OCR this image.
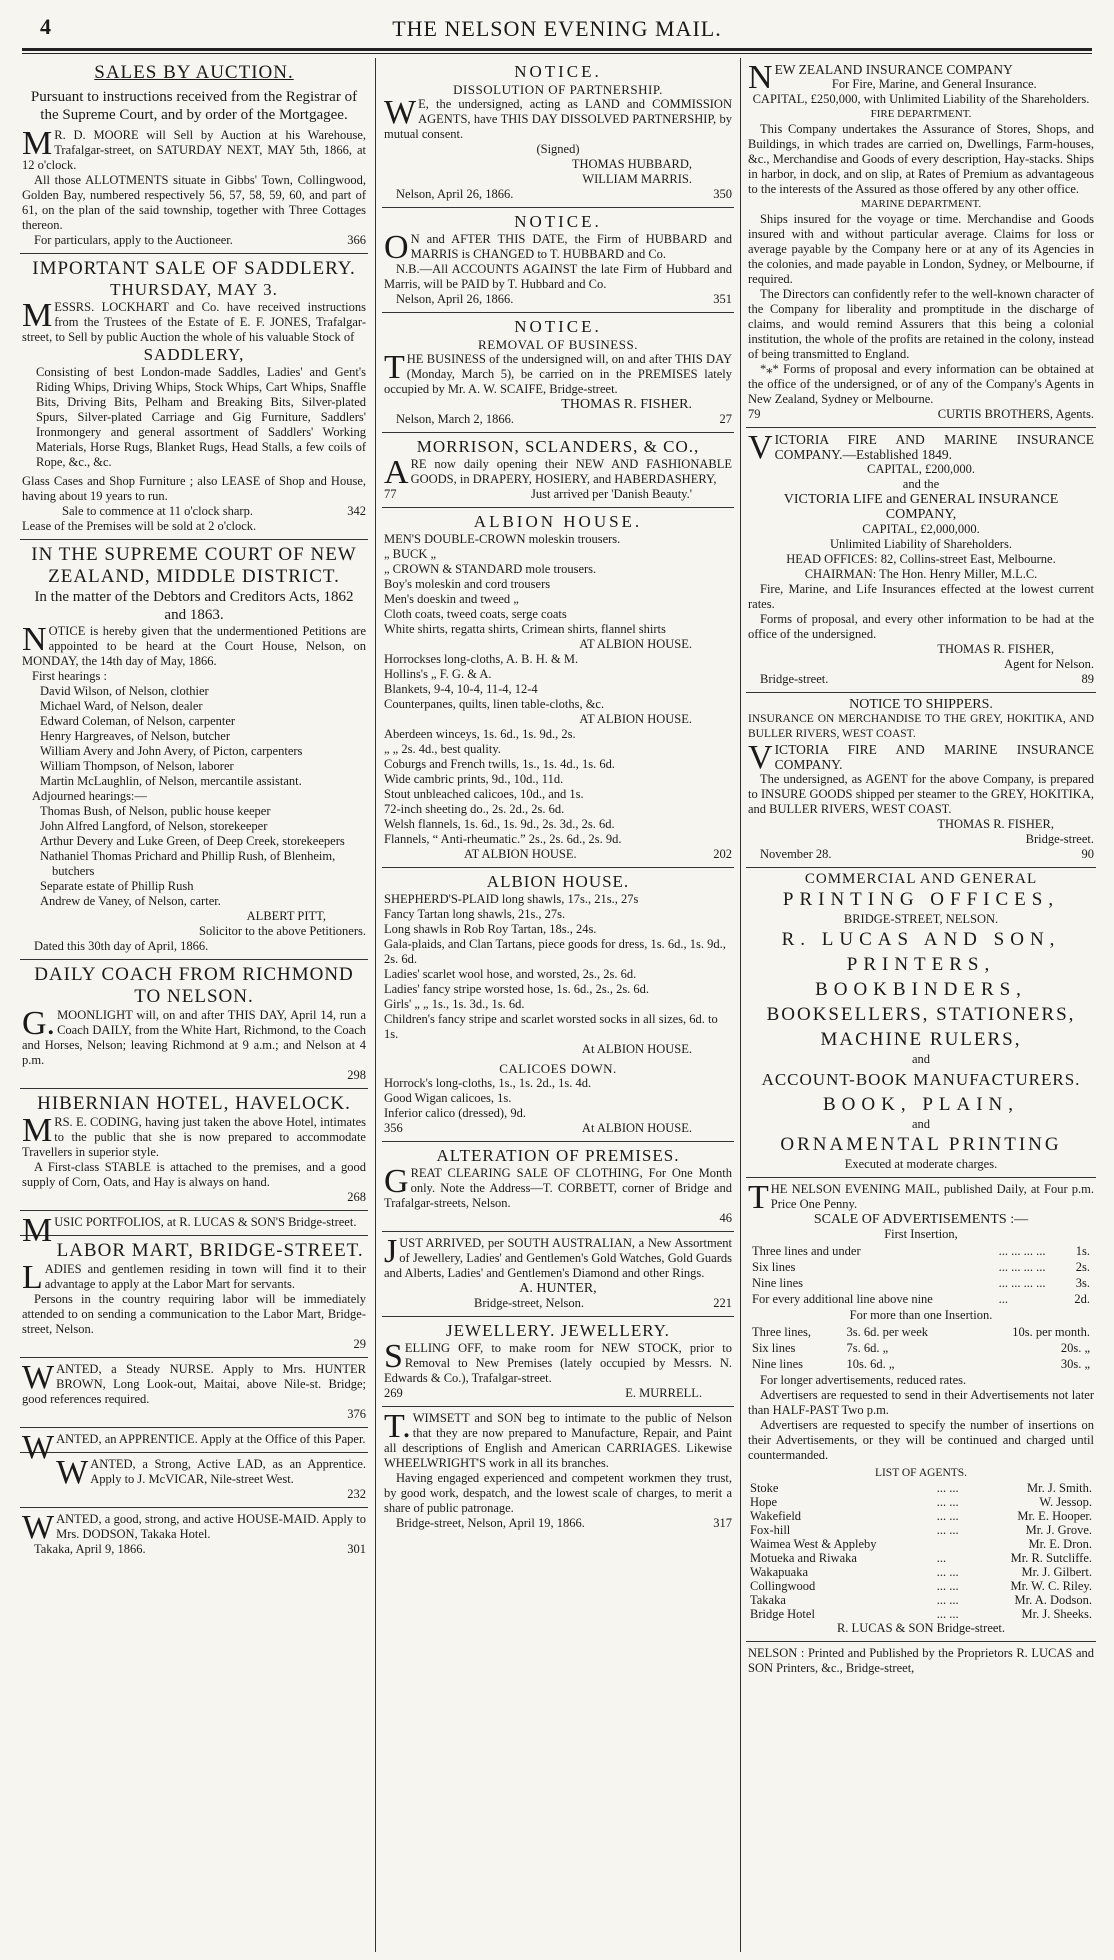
4	THE NELSON EVENING MAIL.
SALES BY AUCTION.
Pursuant to instructions received from the Registrar of the Supreme Court, and by order of the Mortgagee.
MR. D. MOORE will Sell by Auction at his Warehouse, Trafalgar-street, on SATURDAY NEXT, MAY 5th, 1866, at 12 o'clock.
All those ALLOTMENTS situate in Gibbs' Town, Collingwood, Golden Bay, numbered respectively 56, 57, 58, 59, 60, and part of 61, on the plan of the said township, together with Three Cottages thereon.
For particulars, apply to the Auctioneer.	366
IMPORTANT SALE OF SADDLERY.
THURSDAY, MAY 3.
MESSRS. LOCKHART and Co. have received instructions from the Trustees of the Estate of E. F. JONES, Trafalgar-street, to Sell by public Auction the whole of his valuable Stock of
SADDLERY,
Consisting of best London-made Saddles, Ladies' and Gent's Riding Whips, Driving Whips, Stock Whips, Cart Whips, Snaffle Bits, Driving Bits, Pelham and Breaking Bits, Silver-plated Spurs, Silver-plated Carriage and Gig Furniture, Saddlers' Ironmongery and general assortment of Saddlers' Working Materials, Horse Rugs, Blanket Rugs, Head Stalls, a few coils of Rope, &c., &c.
Glass Cases and Shop Furniture ; also LEASE of Shop and House, having about 19 years to run.
Sale to commence at 11 o'clock sharp.	342
Lease of the Premises will be sold at 2 o'clock.
IN THE SUPREME COURT OF NEW ZEALAND, MIDDLE DISTRICT.
In the matter of the Debtors and Creditors Acts, 1862 and 1863.
NOTICE is hereby given that the undermentioned Petitions are appointed to be heard at the Court House, Nelson, on MONDAY, the 14th day of May, 1866.
First hearings :
David Wilson, of Nelson, clothier
Michael Ward, of Nelson, dealer
Edward Coleman, of Nelson, carpenter
Henry Hargreaves, of Nelson, butcher
William Avery and John Avery, of Picton, carpenters
William Thompson, of Nelson, laborer
Martin McLaughlin, of Nelson, mercantile assistant.
Adjourned hearings:—
Thomas Bush, of Nelson, public house keeper
John Alfred Langford, of Nelson, storekeeper
Arthur Devery and Luke Green, of Deep Creek, storekeepers
Nathaniel Thomas Prichard and Phillip Rush, of Blenheim, butchers
Separate estate of Phillip Rush
Andrew de Vaney, of Nelson, carter.
ALBERT PITT,
Solicitor to the above Petitioners.
Dated this 30th day of April, 1866.
DAILY COACH FROM RICHMOND TO NELSON.
G.MOONLIGHT will, on and after THIS DAY, April 14, run a Coach DAILY, from the White Hart, Richmond, to the Coach and Horses, Nelson; leaving Richmond at 9 a.m.; and Nelson at 4 p.m.
298
HIBERNIAN HOTEL, HAVELOCK.
MRS. E. CODING, having just taken the above Hotel, intimates to the public that she is now prepared to accommodate Travellers in superior style.
A First-class STABLE is attached to the premises, and a good supply of Corn, Oats, and Hay is always on hand.
268
MUSIC PORTFOLIOS, at R. LUCAS & SON'S Bridge-street.
LABOR MART, BRIDGE-STREET.
LADIES and gentlemen residing in town will find it to their advantage to apply at the Labor Mart for servants.
Persons in the country requiring labor will be immediately attended to on sending a communication to the Labor Mart, Bridge-street, Nelson.
29
WANTED, a Steady NURSE. Apply to Mrs. HUNTER BROWN, Long Look-out, Maitai, above Nile-st. Bridge; good references required.
376
WANTED, an APPRENTICE. Apply at the Office of this Paper.
WANTED, a Strong, Active LAD, as an Apprentice. Apply to J. McVICAR, Nile-street West.
232
WANTED, a good, strong, and active HOUSE-MAID. Apply to Mrs. DODSON, Takaka Hotel.
Takaka, April 9, 1866.	301
NOTICE.
DISSOLUTION OF PARTNERSHIP.
WE, the undersigned, acting as LAND and COMMISSION AGENTS, have THIS DAY DISSOLVED PARTNERSHIP, by mutual consent.
(Signed)
THOMAS HUBBARD,
WILLIAM MARRIS.
Nelson, April 26, 1866.	350
NOTICE.
ON and AFTER THIS DATE, the Firm of HUBBARD and MARRIS is CHANGED to T. HUBBARD and Co.
N.B.—All ACCOUNTS AGAINST the late Firm of Hubbard and Marris, will be PAID by T. Hubbard and Co.
Nelson, April 26, 1866.	351
NOTICE.
REMOVAL OF BUSINESS.
THE BUSINESS of the undersigned will, on and after THIS DAY (Monday, March 5), be carried on in the PREMISES lately occupied by Mr. A. W. SCAIFE, Bridge-street.
THOMAS R. FISHER.
Nelson, March 2, 1866.	27
MORRISON, SCLANDERS, & CO.,
ARE now daily opening their NEW AND FASHIONABLE GOODS, in DRAPERY, HOSIERY, and HABERDASHERY,
77	Just arrived per 'Danish Beauty.'
ALBION HOUSE.
MEN'S DOUBLE-CROWN moleskin trousers.
„ BUCK „
„ CROWN & STANDARD mole trousers.
Boy's moleskin and cord trousers
Men's doeskin and tweed „
Cloth coats, tweed coats, serge coats
White shirts, regatta shirts, Crimean shirts, flannel shirts
AT ALBION HOUSE.
Horrockses long-cloths, A. B. H. & M.
Hollins's „ F. G. & A.
Blankets, 9-4, 10-4, 11-4, 12-4
Counterpanes, quilts, linen table-cloths, &c.
AT ALBION HOUSE.
Aberdeen winceys, 1s. 6d., 1s. 9d., 2s.
„ „ 2s. 4d., best quality.
Coburgs and French twills, 1s., 1s. 4d., 1s. 6d.
Wide cambric prints, 9d., 10d., 11d.
Stout unbleached calicoes, 10d., and 1s.
72-inch sheeting do., 2s. 2d., 2s. 6d.
Welsh flannels, 1s. 6d., 1s. 9d., 2s. 3d., 2s. 6d.
Flannels, “ Anti-rheumatic.” 2s., 2s. 6d., 2s. 9d.
AT ALBION HOUSE.	202
ALBION HOUSE.
SHEPHERD'S-PLAID long shawls, 17s., 21s., 27s
Fancy Tartan long shawls, 21s., 27s.
Long shawls in Rob Roy Tartan, 18s., 24s.
Gala-plaids, and Clan Tartans, piece goods for dress, 1s. 6d., 1s. 9d., 2s. 6d.
Ladies' scarlet wool hose, and worsted, 2s., 2s. 6d.
Ladies' fancy stripe worsted hose, 1s. 6d., 2s., 2s. 6d.
Girls' „ „ 1s., 1s. 3d., 1s. 6d.
Children's fancy stripe and scarlet worsted socks in all sizes, 6d. to 1s.
At ALBION HOUSE.
CALICOES DOWN.
Horrock's long-cloths, 1s., 1s. 2d., 1s. 4d.
Good Wigan calicoes, 1s.
Inferior calico (dressed), 9d.
356	At ALBION HOUSE.
ALTERATION OF PREMISES.
GREAT CLEARING SALE OF CLOTHING, For One Month only. Note the Address—T. CORBETT, corner of Bridge and Trafalgar-streets, Nelson.
46
JUST ARRIVED, per SOUTH AUSTRALIAN, a New Assortment of Jewellery, Ladies' and Gentlemen's Gold Watches, Gold Guards and Alberts, Ladies' and Gentlemen's Diamond and other Rings.
A. HUNTER,
Bridge-street, Nelson.	221
JEWELLERY. JEWELLERY.
SELLING OFF, to make room for NEW STOCK, prior to Removal to New Premises (lately occupied by Messrs. N. Edwards & Co.), Trafalgar-street.
269	E. MURRELL.
T.WIMSETT and SON beg to intimate to the public of Nelson that they are now prepared to Manufacture, Repair, and Paint all descriptions of English and American CARRIAGES. Likewise WHEELWRIGHT'S work in all its branches.
Having engaged experienced and competent workmen they trust, by good work, despatch, and the lowest scale of charges, to merit a share of public patronage.
Bridge-street, Nelson, April 19, 1866.	317
NEW ZEALAND INSURANCE COMPANY
For Fire, Marine, and General Insurance.
CAPITAL, £250,000, with Unlimited Liability of the Shareholders.
FIRE DEPARTMENT.
This Company undertakes the Assurance of Stores, Shops, and Buildings, in which trades are carried on, Dwellings, Farm-houses, &c., Merchandise and Goods of every description, Hay-stacks. Ships in harbor, in dock, and on slip, at Rates of Premium as advantageous to the interests of the Assured as those offered by any other office.
MARINE DEPARTMENT.
Ships insured for the voyage or time. Merchandise and Goods insured with and without particular average. Claims for loss or average payable by the Company here or at any of its Agencies in the colonies, and made payable in London, Sydney, or Melbourne, if required.
The Directors can confidently refer to the well-known character of the Company for liberality and promptitude in the discharge of claims, and would remind Assurers that this being a colonial institution, the whole of the profits are retained in the colony, instead of being transmitted to England.
*⁎* Forms of proposal and every information can be obtained at the office of the undersigned, or of any of the Company's Agents in New Zealand, Sydney or Melbourne.
79	CURTIS BROTHERS, Agents.
VICTORIA FIRE AND MARINE INSURANCE COMPANY.—Established 1849.
CAPITAL, £200,000.
and the
VICTORIA LIFE and GENERAL INSURANCE COMPANY,
CAPITAL, £2,000,000.
Unlimited Liability of Shareholders.
HEAD OFFICES: 82, Collins-street East, Melbourne.
CHAIRMAN: The Hon. Henry Miller, M.L.C.
Fire, Marine, and Life Insurances effected at the lowest current rates.
Forms of proposal, and every other information to be had at the office of the undersigned.
THOMAS R. FISHER,
Agent for Nelson.
Bridge-street.	89
NOTICE TO SHIPPERS.
INSURANCE ON MERCHANDISE TO THE GREY, HOKITIKA, AND BULLER RIVERS, WEST COAST.
VICTORIA FIRE AND MARINE INSURANCE COMPANY.
The undersigned, as AGENT for the above Company, is prepared to INSURE GOODS shipped per steamer to the GREY, HOKITIKA, and BULLER RIVERS, WEST COAST.
THOMAS R. FISHER,
Bridge-street.
November 28.	90
COMMERCIAL AND GENERAL
PRINTING OFFICES,
BRIDGE-STREET, NELSON.
R. LUCAS AND SON,
PRINTERS,
BOOKBINDERS,
BOOKSELLERS, STATIONERS,
MACHINE RULERS,
and
ACCOUNT-BOOK MANUFACTURERS.
BOOK, PLAIN,
and
ORNAMENTAL PRINTING
Executed at moderate charges.
THE NELSON EVENING MAIL, published Daily, at Four p.m. Price One Penny.
SCALE OF ADVERTISEMENTS :—
First Insertion,
Three lines and under	... ... ... ...	1s.
Six lines	... ... ... ...	2s.
Nine lines	... ... ... ...	3s.
For every additional line above nine	...	2d.
For more than one Insertion.
Three lines,	3s. 6d. per week	10s. per month.
Six lines	7s. 6d. „	20s. „
Nine lines	10s. 6d. „	30s. „
For longer advertisements, reduced rates.
Advertisers are requested to send in their Advertisements not later than HALF-PAST Two p.m.
Advertisers are requested to specify the number of insertions on their Advertisements, or they will be continued and charged until countermanded.
LIST OF AGENTS.
Stoke	... ...	Mr. J. Smith.
Hope	... ...	W. Jessop.
Wakefield	... ...	Mr. E. Hooper.
Fox-hill	... ...	Mr. J. Grove.
Waimea West & Appleby		Mr. E. Dron.
Motueka and Riwaka	...	Mr. R. Sutcliffe.
Wakapuaka	... ...	Mr. J. Gilbert.
Collingwood	... ...	Mr. W. C. Riley.
Takaka	... ...	Mr. A. Dodson.
Bridge Hotel	... ...	Mr. J. Sheeks.
R. LUCAS & SON Bridge-street.
NELSON : Printed and Published by the Proprietors R. LUCAS and SON Printers, &c., Bridge-street,
